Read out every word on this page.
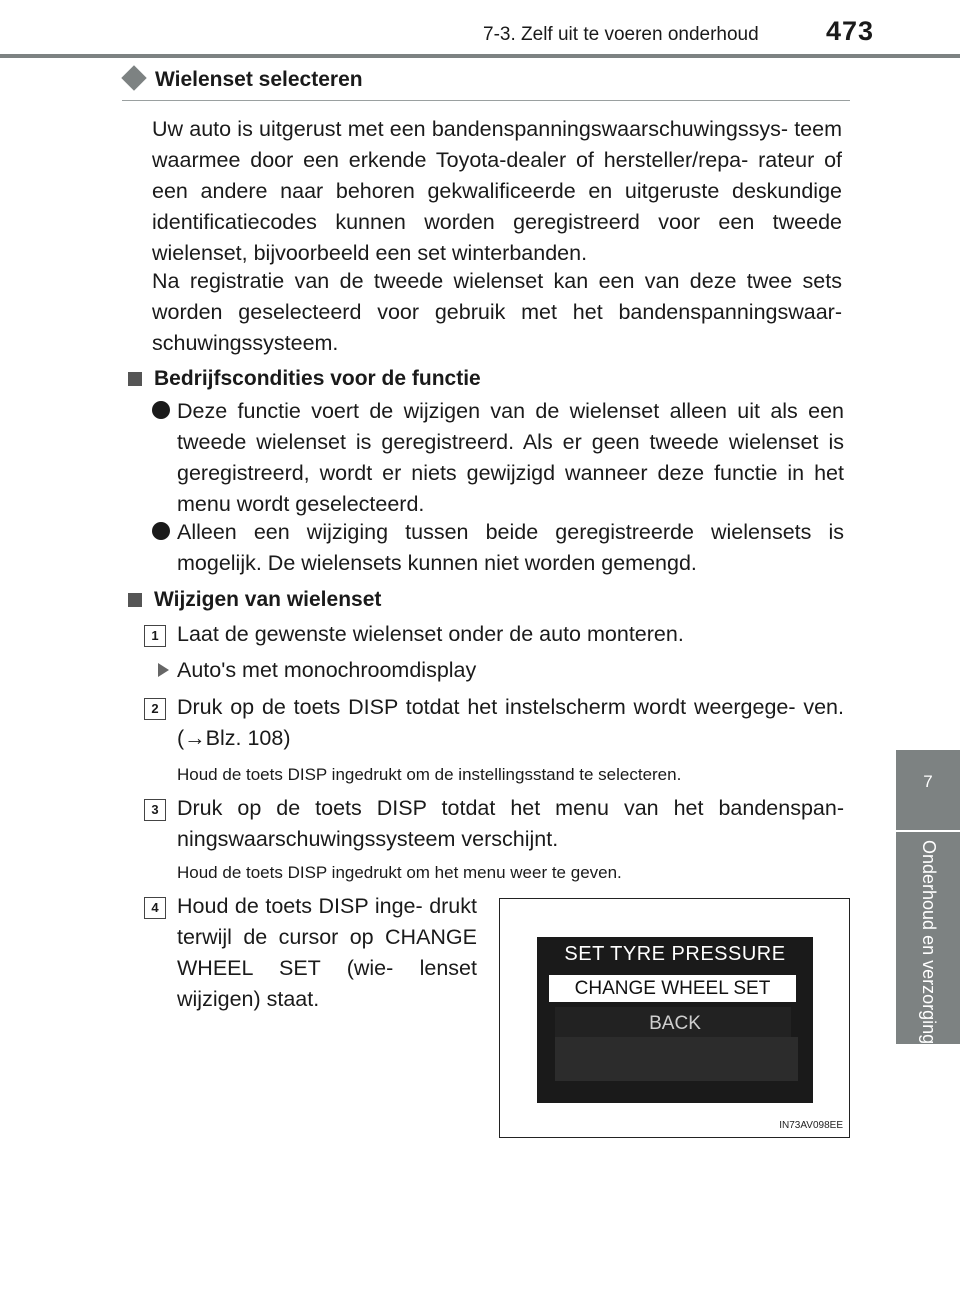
7-3. Zelf uit te voeren onderhoud 473
7
Onderhoud en verzorging
Wielenset selecteren

Uw auto is uitgerust met een bandenspanningswaarschuwingssys- teem waarmee door een erkende Toyota-dealer of hersteller/repa- rateur of een andere naar behoren gekwalificeerde en uitgeruste deskundige identificatiecodes kunnen worden geregistreerd voor een tweede wielenset, bijvoorbeeld een set winterbanden.

Na registratie van de tweede wielenset kan een van deze twee sets worden geselecteerd voor gebruik met het bandenspanningswaar- schuwingssysteem.

Bedrijfscondities voor de functie

Deze functie voert de wijzigen van de wielenset alleen uit als een tweede wielenset is geregistreerd. Als er geen tweede wielenset is geregistreerd, wordt er niets gewijzigd wanneer deze functie in het menu wordt geselecteerd.

Alleen een wijziging tussen beide geregistreerde wielensets is mogelijk. De wielensets kunnen niet worden gemengd.

Wijzigen van wielenset
1 Laat de gewenste wielenset onder de auto monteren.

Auto's met monochroomdisplay

2 Druk op de toets DISP totdat het instelscherm wordt weergege- ven. (→Blz. 108)

Houd de toets DISP ingedrukt om de instellingsstand te selecteren.

3 Druk op de toets DISP totdat het menu van het bandenspan- ningswaarschuwingssysteem verschijnt.

Houd de toets DISP ingedrukt om het menu weer te geven.

4 Houd de toets DISP inge- drukt terwijl de cursor op CHANGE WHEEL SET (wie- lenset wijzigen) staat.

SET TYRE PRESSURE
CHANGE WHEEL SET
BACK
IN73AV098EE
